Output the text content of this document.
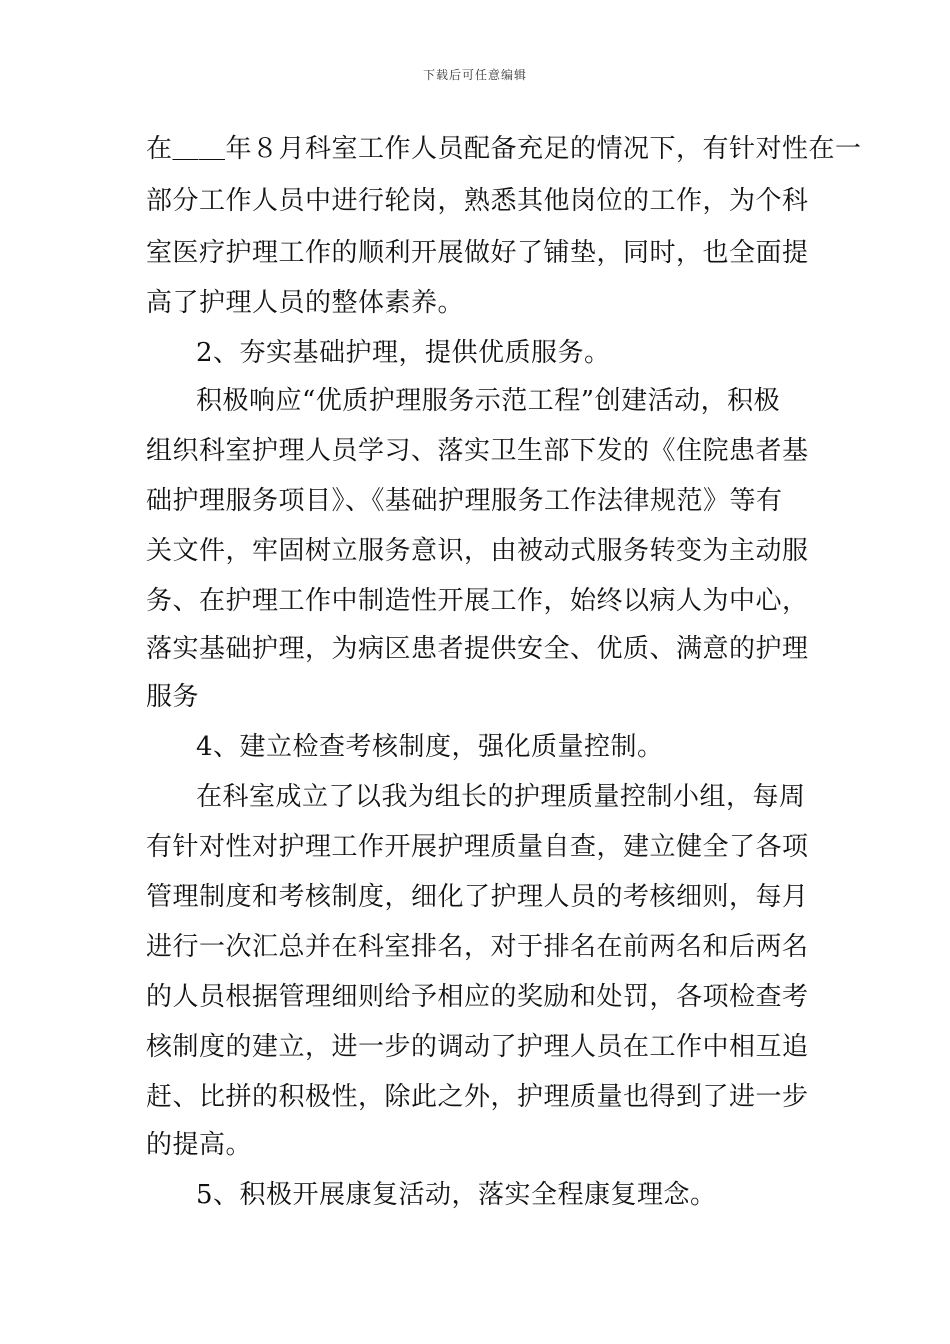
下载后可任意编辑
在＿＿年８月科室工作人员配备充足的情况下，有针对性在一
部分工作人员中进行轮岗，熟悉其他岗位的工作，为个科
室医疗护理工作的顺利开展做好了铺垫，同时，也全面提
高了护理人员的整体素养。
2、夯实基础护理，提供优质服务。
积极响应“优质护理服务示范工程”创建活动，积极
组织科室护理人员学习、落实卫生部下发的《住院患者基
础护理服务项目》、《基础护理服务工作法律规范》等有
关文件，牢固树立服务意识，由被动式服务转变为主动服
务、在护理工作中制造性开展工作，始终以病人为中心，
落实基础护理，为病区患者提供安全、优质、满意的护理
服务
4、建立检查考核制度，强化质量控制。
在科室成立了以我为组长的护理质量控制小组，每周
有针对性对护理工作开展护理质量自查，建立健全了各项
管理制度和考核制度，细化了护理人员的考核细则，每月
进行一次汇总并在科室排名，对于排名在前两名和后两名
的人员根据管理细则给予相应的奖励和处罚，各项检查考
核制度的建立，进一步的调动了护理人员在工作中相互追
赶、比拼的积极性，除此之外，护理质量也得到了进一步
的提高。
5、积极开展康复活动，落实全程康复理念。
